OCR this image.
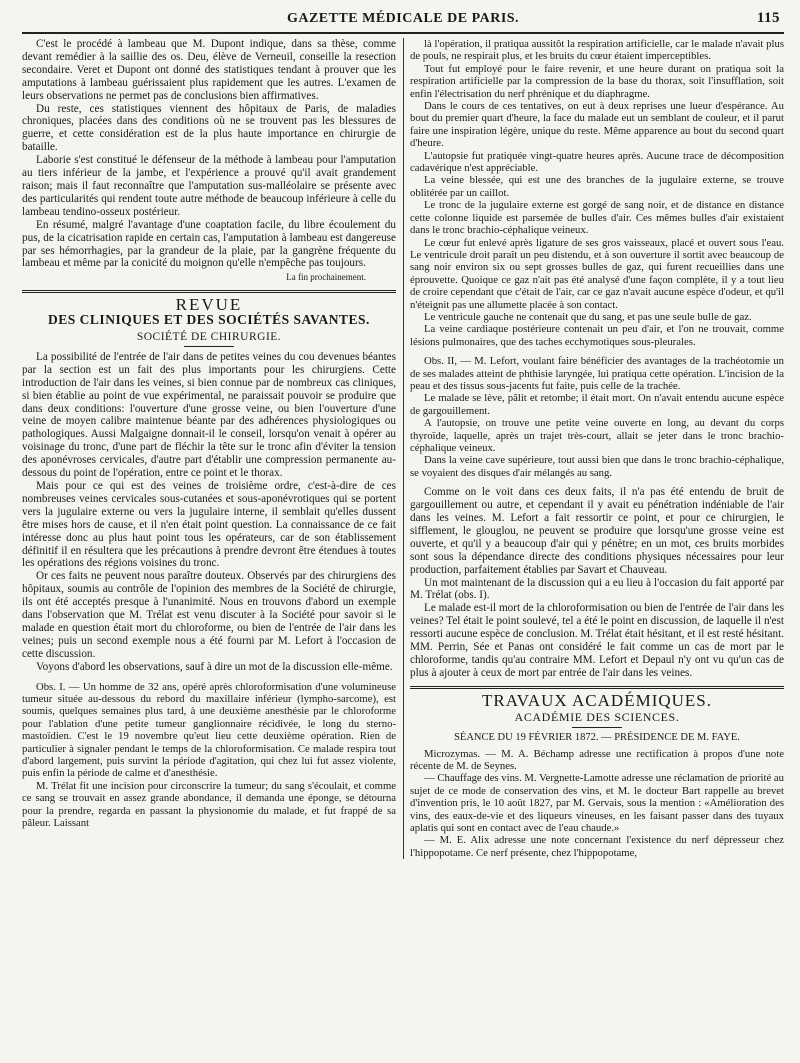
GAZETTE MÉDICALE DE PARIS.	115

C'est le procédé à lambeau que M. Dupont indique, dans sa thèse, comme devant remédier à la saillie des os. Deu, élève de Verneuil, conseille la resection secondaire. Veret et Dupont ont donné des statistiques tendant à prouver que les amputations à lambeau guérissaient plus rapidement que les autres. L'examen de leurs observations ne permet pas de conclusions bien affirmatives.

Du reste, ces statistiques viennent des hôpitaux de Paris, de maladies chroniques, placées dans des conditions où ne se trouvent pas les blessures de guerre, et cette considération est de la plus haute importance en chirurgie de bataille.

Laborie s'est constitué le défenseur de la méthode à lambeau pour l'amputation au tiers inférieur de la jambe, et l'expérience a prouvé qu'il avait grandement raison; mais il faut reconnaître que l'amputation sus-malléolaire se présente avec des particularités qui rendent toute autre méthode de beaucoup inférieure à celle du lambeau tendino-osseux postérieur.

En résumé, malgré l'avantage d'une coaptation facile, du libre écoulement du pus, de la cicatrisation rapide en certain cas, l'amputation à lambeau est dangereuse par ses hémorrhagies, par la grandeur de la plaie, par la gangrène fréquente du lambeau et même par la conicité du moignon qu'elle n'empêche pas toujours.

La fin prochainement.
REVUE
DES CLINIQUES ET DES SOCIÉTÉS SAVANTES.
SOCIÉTÉ DE CHIRURGIE.

La possibilité de l'entrée de l'air dans de petites veines du cou devenues béantes par la section est un fait des plus importants pour les chirurgiens. Cette introduction de l'air dans les veines, si bien connue par de nombreux cas cliniques, si bien établie au point de vue expérimental, ne paraissait pouvoir se produire que dans deux conditions: l'ouverture d'une grosse veine, ou bien l'ouverture d'une veine de moyen calibre maintenue béante par des adhérences physiologiques ou pathologiques. Aussi Malgaigne donnait-il le conseil, lorsqu'on venait à opérer au voisinage du tronc, d'une part de fléchir la tête sur le tronc afin d'éviter la tension des aponévroses cervicales, d'autre part d'établir une compression permanente au-dessous du point de l'opération, entre ce point et le thorax.

Mais pour ce qui est des veines de troisième ordre, c'est-à-dire de ces nombreuses veines cervicales sous-cutanées et sous-aponévrotiques qui se portent vers la jugulaire externe ou vers la jugulaire interne, il semblait qu'elles dussent être mises hors de cause, et il n'en était point question. La connaissance de ce fait intéresse donc au plus haut point tous les opérateurs, car de son établissement définitif il en résultera que les précautions à prendre devront être étendues à toutes les opérations des régions voisines du tronc.

Or ces faits ne peuvent nous paraître douteux. Observés par des chirurgiens des hôpitaux, soumis au contrôle de l'opinion des membres de la Société de chirurgie, ils ont été acceptés presque à l'unanimité. Nous en trouvons d'abord un exemple dans l'observation que M. Trélat est venu discuter à la Société pour savoir si le malade en question était mort du chloroforme, ou bien de l'entrée de l'air dans les veines; puis un second exemple nous a été fourni par M. Lefort à l'occasion de cette discussion.

Voyons d'abord les observations, sauf à dire un mot de la discussion elle-même.

Obs. I. — Un homme de 32 ans, opéré après chloroformisation d'une volumineuse tumeur située au-dessous du rebord du maxillaire inférieur (lympho-sarcome), est soumis, quelques semaines plus tard, à une deuxième anesthésie par le chloroforme pour l'ablation d'une petite tumeur ganglionnaire récidivée, le long du sterno-mastoïdien. C'est le 19 novembre qu'eut lieu cette deuxième opération. Rien de particulier à signaler pendant le temps de la chloroformisation. Ce malade respira tout d'abord largement, puis survint la période d'agitation, qui chez lui fut assez violente, puis enfin la période de calme et d'anesthésie.

M. Trélat fit une incision pour circonscrire la tumeur; du sang s'écoulait, et comme ce sang se trouvait en assez grande abondance, il demanda une éponge, se détourna pour la prendre, regarda en passant la physionomie du malade, et fut frappé de sa pâleur. Laissant

là l'opération, il pratiqua aussitôt la respiration artificielle, car le malade n'avait plus de pouls, ne respirait plus, et les bruits du cœur étaient imperceptibles.

Tout fut employé pour le faire revenir, et une heure durant on pratiqua soit la respiration artificielle par la compression de la base du thorax, soit l'insufflation, soit enfin l'électrisation du nerf phrénique et du diaphragme.

Dans le cours de ces tentatives, on eut à deux reprises une lueur d'espérance. Au bout du premier quart d'heure, la face du malade eut un semblant de couleur, et il parut faire une inspiration légère, unique du reste. Même apparence au bout du second quart d'heure.

L'autopsie fut pratiquée vingt-quatre heures après. Aucune trace de décomposition cadavérique n'est appréciable.

La veine blessée, qui est une des branches de la jugulaire externe, se trouve oblitérée par un caillot.

Le tronc de la jugulaire externe est gorgé de sang noir, et de distance en distance cette colonne liquide est parsemée de bulles d'air. Ces mêmes bulles d'air existaient dans le tronc brachio-céphalique veineux.

Le cœur fut enlevé après ligature de ses gros vaisseaux, placé et ouvert sous l'eau. Le ventricule droit paraît un peu distendu, et à son ouverture il sortit avec beaucoup de sang noir environ six ou sept grosses bulles de gaz, qui furent recueillies dans une éprouvette. Quoique ce gaz n'ait pas été analysé d'une façon complète, il y a tout lieu de croire cependant que c'était de l'air, car ce gaz n'avait aucune espèce d'odeur, et qu'il n'éteignit pas une allumette placée à son contact.

Le ventricule gauche ne contenait que du sang, et pas une seule bulle de gaz.

La veine cardiaque postérieure contenait un peu d'air, et l'on ne trouvait, comme lésions pulmonaires, que des taches ecchymotiques sous-pleurales.

Obs. II, — M. Lefort, voulant faire bénéficier des avantages de la trachéotomie un de ses malades atteint de phthisie laryngée, lui pratiqua cette opération. L'incision de la peau et des tissus sous-jacents fut faite, puis celle de la trachée.

Le malade se lève, pâlit et retombe; il était mort. On n'avait entendu aucune espèce de gargouillement.

A l'autopsie, on trouve une petite veine ouverte en long, au devant du corps thyroïde, laquelle, après un trajet très-court, allait se jeter dans le tronc brachio-céphalique veineux.

Dans la veine cave supérieure, tout aussi bien que dans le tronc brachio-céphalique, se voyaient des disques d'air mélangés au sang.

Comme on le voit dans ces deux faits, il n'a pas été entendu de bruit de gargouillement ou autre, et cependant il y avait eu pénétration indéniable de l'air dans les veines. M. Lefort a fait ressortir ce point, et pour ce chirurgien, le sifflement, le glouglou, ne peuvent se produire que lorsqu'une grosse veine est ouverte, et qu'il y a beaucoup d'air qui y pénètre; en un mot, ces bruits morbides sont sous la dépendance directe des conditions physiques nécessaires pour leur production, parfaitement établies par Savart et Chauveau.

Un mot maintenant de la discussion qui a eu lieu à l'occasion du fait apporté par M. Trélat (obs. I).

Le malade est-il mort de la chloroformisation ou bien de l'entrée de l'air dans les veines? Tel était le point soulevé, tel a été le point en discussion, de laquelle il n'est ressorti aucune espèce de conclusion. M. Trélat était hésitant, et il est resté hésitant. MM. Perrin, Sée et Panas ont considéré le fait comme un cas de mort par le chloroforme, tandis qu'au contraire MM. Lefort et Depaul n'y ont vu qu'un cas de plus à ajouter à ceux de mort par entrée de l'air dans les veines.

TRAVAUX ACADÉMIQUES.
ACADÉMIE DES SCIENCES.
SÉANCE DU 19 FÉVRIER 1872. — PRÉSIDENCE DE M. FAYE.

Microzymas. — M. A. Béchamp adresse une rectification à propos d'une note récente de M. de Seynes.

— Chauffage des vins. M. Vergnette-Lamotte adresse une réclamation de priorité au sujet de ce mode de conservation des vins, et M. le docteur Bart rappelle au brevet d'invention pris, le 10 août 1827, par M. Gervais, sous la mention : «Amélioration des vins, des eaux-de-vie et des liqueurs vineuses, en les faisant passer dans des tuyaux aplatis qui sont en contact avec de l'eau chaude.»

— M. E. Alix adresse une note concernant l'existence du nerf dépresseur chez l'hippopotame. Ce nerf présente, chez l'hippopotame,
